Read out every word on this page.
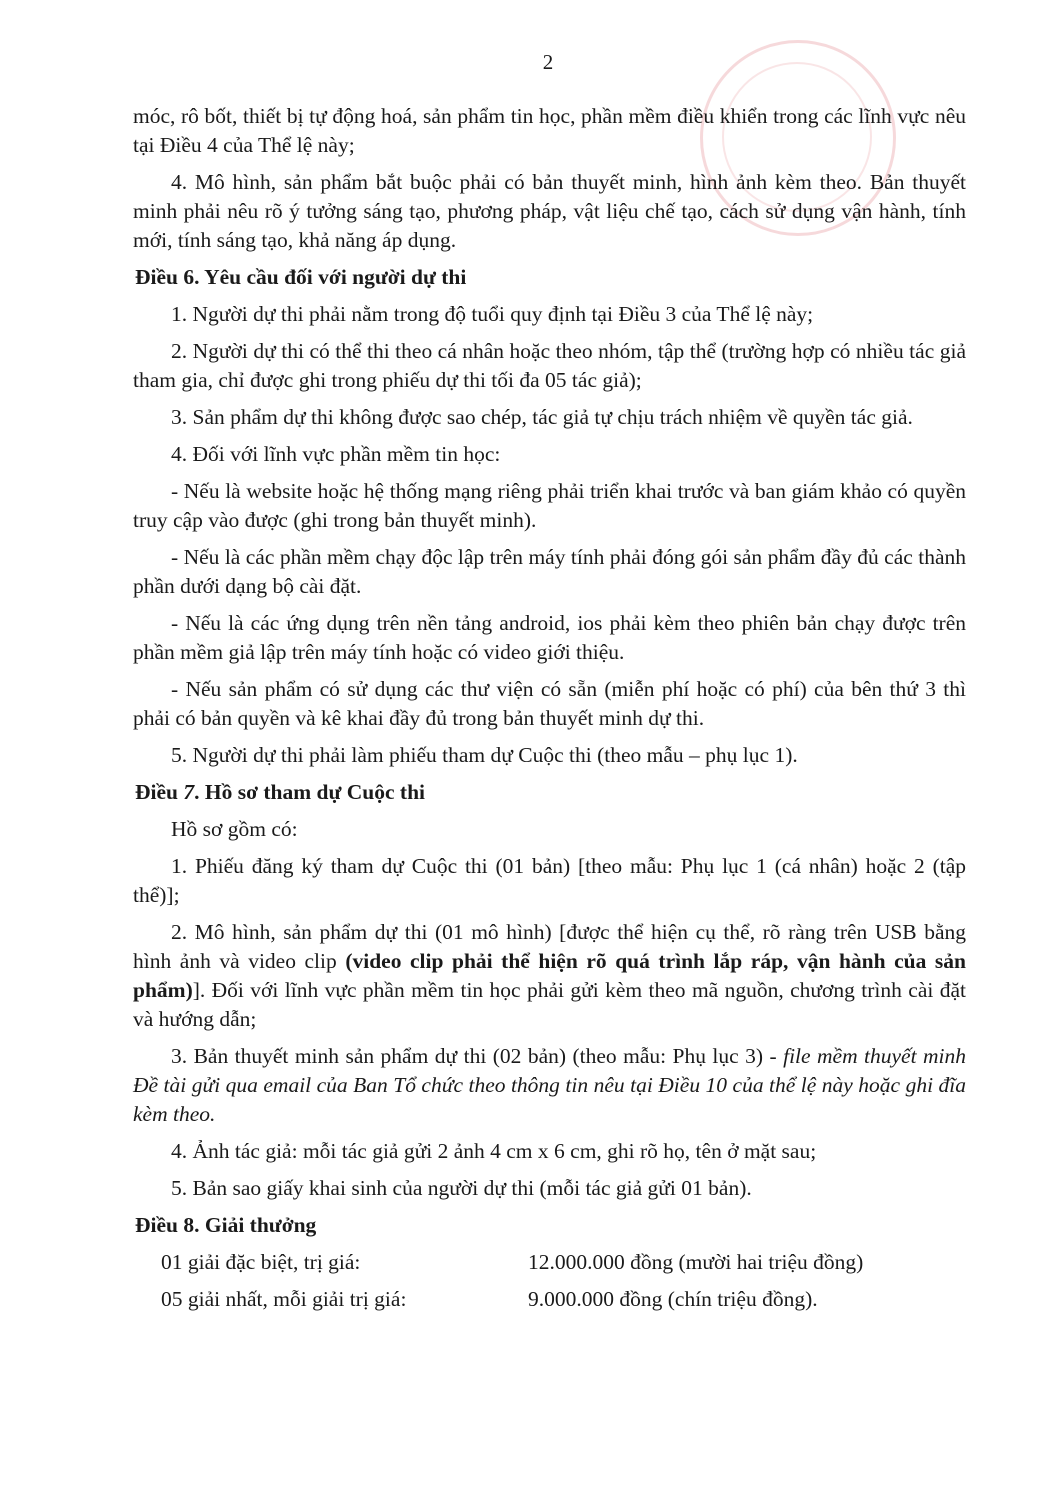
2
móc, rô bốt, thiết bị tự động hoá, sản phẩm tin học, phần mềm điều khiển trong các lĩnh vực nêu tại Điều 4 của Thể lệ này;
4. Mô hình, sản phẩm bắt buộc phải có bản thuyết minh, hình ảnh kèm theo. Bản thuyết minh phải nêu rõ ý tưởng sáng tạo, phương pháp, vật liệu chế tạo, cách sử dụng vận hành, tính mới, tính sáng tạo, khả năng áp dụng.
Điều 6. Yêu cầu đối với người dự thi
1. Người dự thi phải nằm trong độ tuổi quy định tại Điều 3 của Thể lệ này;
2. Người dự thi có thể thi theo cá nhân hoặc theo nhóm, tập thể (trường hợp có nhiều tác giả tham gia, chỉ được ghi trong phiếu dự thi tối đa 05 tác giả);
3. Sản phẩm dự thi không được sao chép, tác giả tự chịu trách nhiệm về quyền tác giả.
4. Đối với lĩnh vực phần mềm tin học:
- Nếu là website hoặc hệ thống mạng riêng phải triển khai trước và ban giám khảo có quyền truy cập vào được (ghi trong bản thuyết minh).
- Nếu là các phần mềm chạy độc lập trên máy tính phải đóng gói sản phẩm đầy đủ các thành phần dưới dạng bộ cài đặt.
- Nếu là các ứng dụng trên nền tảng android, ios phải kèm theo phiên bản chạy được trên phần mềm giả lập trên máy tính hoặc có video giới thiệu.
- Nếu sản phẩm có sử dụng các thư viện có sẵn (miễn phí hoặc có phí) của bên thứ 3 thì phải có bản quyền và kê khai đầy đủ trong bản thuyết minh dự thi.
5. Người dự thi phải làm phiếu tham dự Cuộc thi (theo mẫu – phụ lục 1).
Điều 7. Hồ sơ tham dự Cuộc thi
Hồ sơ gồm có:
1. Phiếu đăng ký tham dự Cuộc thi (01 bản) [theo mẫu: Phụ lục 1 (cá nhân) hoặc 2 (tập thể)];
2. Mô hình, sản phẩm dự thi (01 mô hình) [được thể hiện cụ thể, rõ ràng trên USB bằng hình ảnh và video clip (video clip phải thể hiện rõ quá trình lắp ráp, vận hành của sản phẩm)]. Đối với lĩnh vực phần mềm tin học phải gửi kèm theo mã nguồn, chương trình cài đặt và hướng dẫn;
3. Bản thuyết minh sản phẩm dự thi (02 bản) (theo mẫu: Phụ lục 3) - file mềm thuyết minh Đề tài gửi qua email của Ban Tổ chức theo thông tin nêu tại Điều 10 của thể lệ này hoặc ghi đĩa kèm theo.
4. Ảnh tác giả: mỗi tác giả gửi 2 ảnh 4 cm x 6 cm, ghi rõ họ, tên ở mặt sau;
5. Bản sao giấy khai sinh của người dự thi (mỗi tác giả gửi 01 bản).
Điều 8. Giải thưởng
01 giải đặc biệt, trị giá:	12.000.000 đồng (mười hai triệu đồng)
05 giải nhất, mỗi giải trị giá:	9.000.000 đồng (chín triệu đồng).
